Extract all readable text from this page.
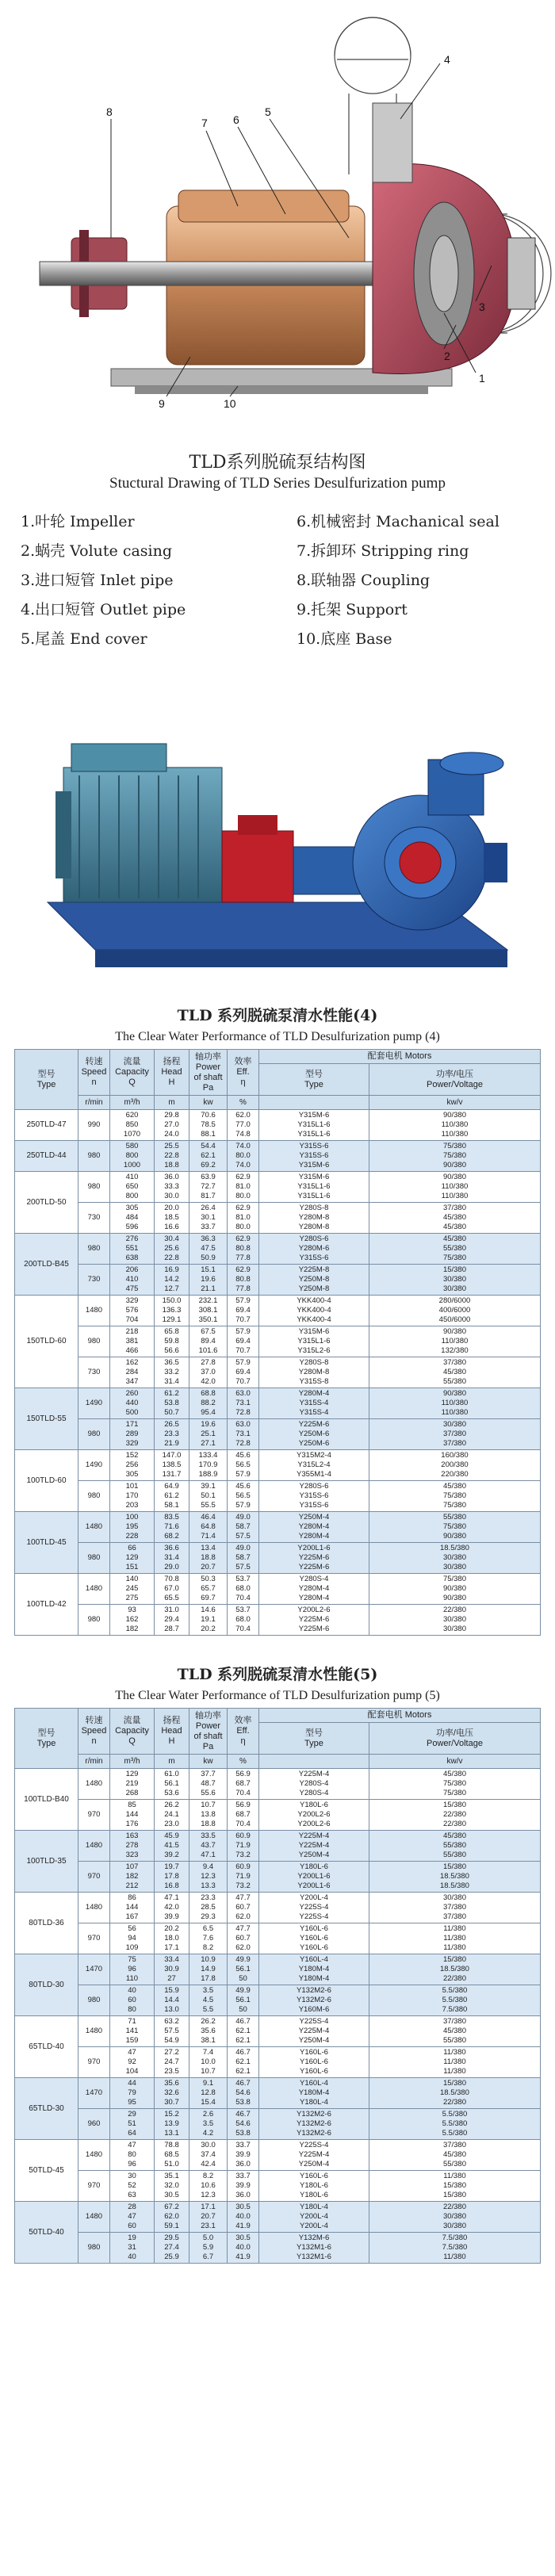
8
7 6
5
4
3
2
1
9	10
TLD系列脱硫泵结构图
Stuctural Drawing of TLD Series Desulfurization pump
1.叶轮 Impeller	6.机械密封 Machanical seal
2.蜗壳 Volute casing	7.拆卸环 Stripping ring
3.进口短管 Inlet pipe	8.联轴器 Coupling
4.出口短管 Outlet pipe	9.托架 Support
5.尾盖 End cover	10.底座 Base
TLD 系列脱硫泵清水性能(4)
The Clear Water Performance of TLD Desulfurization pump (4)
型号
Type	转速
Speed
n	流量
Capacity
Q	扬程
Head
H	轴功率
Power
of shaft
Pa	效率
Eff.
η	配套电机 Motors	
						型号
Type	功率/电压
Power/Voltage
	r/min	m³/h	m	kw	%		kw/v
250TLD-47	990	620
850
1070	29.8
27.0
24.0	70.6
78.5
88.1	62.0
77.0
74.8	Y315M-6
Y315L1-6
Y315L1-6	90/380
110/380
110/380
250TLD-44	980	580
800
1000	25.5
22.8
18.8	54.4
62.1
69.2	74.0
80.0
74.0	Y315S-6
Y315S-6
Y315M-6	75/380
75/380
90/380
200TLD-50	980	410
650
800	36.0
33.3
30.0	63.9
72.7
81.7	62.9
81.0
80.0	Y315M-6
Y315L1-6
Y315L1-6	90/380
110/380
110/380
	730	305
484
596	20.0
18.5
16.6	26.4
30.1
33.7	62.9
81.0
80.0	Y280S-8
Y280M-8
Y280M-8	37/380
45/380
45/380
200TLD-B45	980	276
551
638	30.4
25.6
22.8	36.3
47.5
50.9	62.9
80.8
77.8	Y280S-6
Y280M-6
Y315S-6	45/380
55/380
75/380
	730	206
410
475	16.9
14.2
12.7	15.1
19.6
21.1	62.9
80.8
77.8	Y225M-8
Y250M-8
Y250M-8	15/380
30/380
30/380
150TLD-60	1480	329
576
704	150.0
136.3
129.1	232.1
308.1
350.1	57.9
69.4
70.7	YKK400-4
YKK400-4
YKK400-4	280/6000
400/6000
450/6000
	980	218
381
466	65.8
59.8
56.6	67.5
89.4
101.6	57.9
69.4
70.7	Y315M-6
Y315L1-6
Y315L2-6	90/380
110/380
132/380
	730	162
284
347	36.5
33.2
31.4	27.8
37.0
42.0	57.9
69.4
70.7	Y280S-8
Y280M-8
Y315S-8	37/380
45/380
55/380
150TLD-55	1490	260
440
500	61.2
53.8
50.7	68.8
88.2
95.4	63.0
73.1
72.8	Y280M-4
Y315S-4
Y315S-4	90/380
110/380
110/380
	980	171
289
329	26.5
23.3
21.9	19.6
25.1
27.1	63.0
73.1
72.8	Y225M-6
Y250M-6
Y250M-6	30/380
37/380
37/380
100TLD-60	1490	152
256
305	147.0
138.5
131.7	133.4
170.9
188.9	45.6
56.5
57.9	Y315M2-4
Y315L2-4
Y355M1-4	160/380
200/380
220/380
	980	101
170
203	64.9
61.2
58.1	39.1
50.1
55.5	45.6
56.5
57.9	Y280S-6
Y315S-6
Y315S-6	45/380
75/380
75/380
100TLD-45	1480	100
195
228	83.5
71.6
68.2	46.4
64.8
71.4	49.0
58.7
57.5	Y250M-4
Y280M-4
Y280M-4	55/380
75/380
90/380
	980	66
129
151	36.6
31.4
29.0	13.4
18.8
20.7	49.0
58.7
57.5	Y200L1-6
Y225M-6
Y225M-6	18.5/380
30/380
30/380
100TLD-42	1480	140
245
275	70.8
67.0
65.5	50.3
65.7
69.7	53.7
68.0
70.4	Y280S-4
Y280M-4
Y280M-4	75/380
90/380
90/380
	980	93
162
182	31.0
29.4
28.7	14.6
19.1
20.2	53.7
68.0
70.4	Y200L2-6
Y225M-6
Y225M-6	22/380
30/380
30/380
TLD 系列脱硫泵清水性能(5)
The Clear Water Performance of TLD Desulfurization pump (5)
型号
Type	转速
Speed
n	流量
Capacity
Q	扬程
Head
H	轴功率
Power
of shaft
Pa	效率
Eff.
η	配套电机 Motors	
						型号
Type	功率/电压
Power/Voltage
	r/min	m³/h	m	kw	%		kw/v
100TLD-B40	1480	129
219
268	61.0
56.1
53.6	37.7
48.7
55.6	56.9
68.7
70.4	Y225M-4
Y280S-4
Y280S-4	45/380
75/380
75/380
	970	85
144
176	26.2
24.1
23.0	10.7
13.8
18.8	56.9
68.7
70.4	Y180L-6
Y200L2-6
Y200L2-6	15/380
22/380
22/380
100TLD-35	1480	163
278
323	45.9
41.5
39.2	33.5
43.7
47.1	60.9
71.9
73.2	Y225M-4
Y225M-4
Y250M-4	45/380
55/380
55/380
	970	107
182
212	19.7
17.8
16.8	9.4
12.3
13.3	60.9
71.9
73.2	Y180L-6
Y200L1-6
Y200L1-6	15/380
18.5/380
18.5/380
80TLD-36	1480	86
144
167	47.1
42.0
39.9	23.3
28.5
29.3	47.7
60.7
62.0	Y200L-4
Y225S-4
Y225S-4	30/380
37/380
37/380
	970	56
94
109	20.2
18.0
17.1	6.5
7.6
8.2	47.7
60.7
62.0	Y160L-6
Y160L-6
Y160L-6	11/380
11/380
11/380
80TLD-30	1470	75
96
110	33.4
30.9
27	10.9
14.9
17.8	49.9
56.1
50	Y160L-4
Y180M-4
Y180M-4	15/380
18.5/380
22/380
	980	40
60
80	15.9
14.4
13.0	3.5
4.5
5.5	49.9
56.1
50	Y132M2-6
Y132M2-6
Y160M-6	5.5/380
5.5/380
7.5/380
65TLD-40	1480	71
141
159	63.2
57.5
54.9	26.2
35.6
38.1	46.7
62.1
62.1	Y225S-4
Y225M-4
Y250M-4	37/380
45/380
55/380
	970	47
92
104	27.2
24.7
23.5	7.4
10.0
10.7	46.7
62.1
62.1	Y160L-6
Y160L-6
Y160L-6	11/380
11/380
11/380
65TLD-30	1470	44
79
95	35.6
32.6
30.7	9.1
12.8
15.4	46.7
54.6
53.8	Y160L-4
Y180M-4
Y180L-4	15/380
18.5/380
22/380
	960	29
51
64	15.2
13.9
13.1	2.6
3.5
4.2	46.7
54.6
53.8	Y132M2-6
Y132M2-6
Y132M2-6	5.5/380
5.5/380
5.5/380
50TLD-45	1480	47
80
96	78.8
68.5
51.0	30.0
37.4
42.4	33.7
39.9
36.0	Y225S-4
Y225M-4
Y250M-4	37/380
45/380
55/380
	970	30
52
63	35.1
32.0
30.5	8.2
10.6
12.3	33.7
39.9
36.0	Y160L-6
Y180L-6
Y180L-6	11/380
15/380
15/380
50TLD-40	1480	28
47
60	67.2
62.0
59.1	17.1
20.7
23.1	30.5
40.0
41.9	Y180L-4
Y200L-4
Y200L-4	22/380
30/380
30/380
	980	19
31
40	29.5
27.4
25.9	5.0
5.9
6.7	30.5
40.0
41.9	Y132M-6
Y132M1-6
Y132M1-6	7.5/380
7.5/380
11/380
